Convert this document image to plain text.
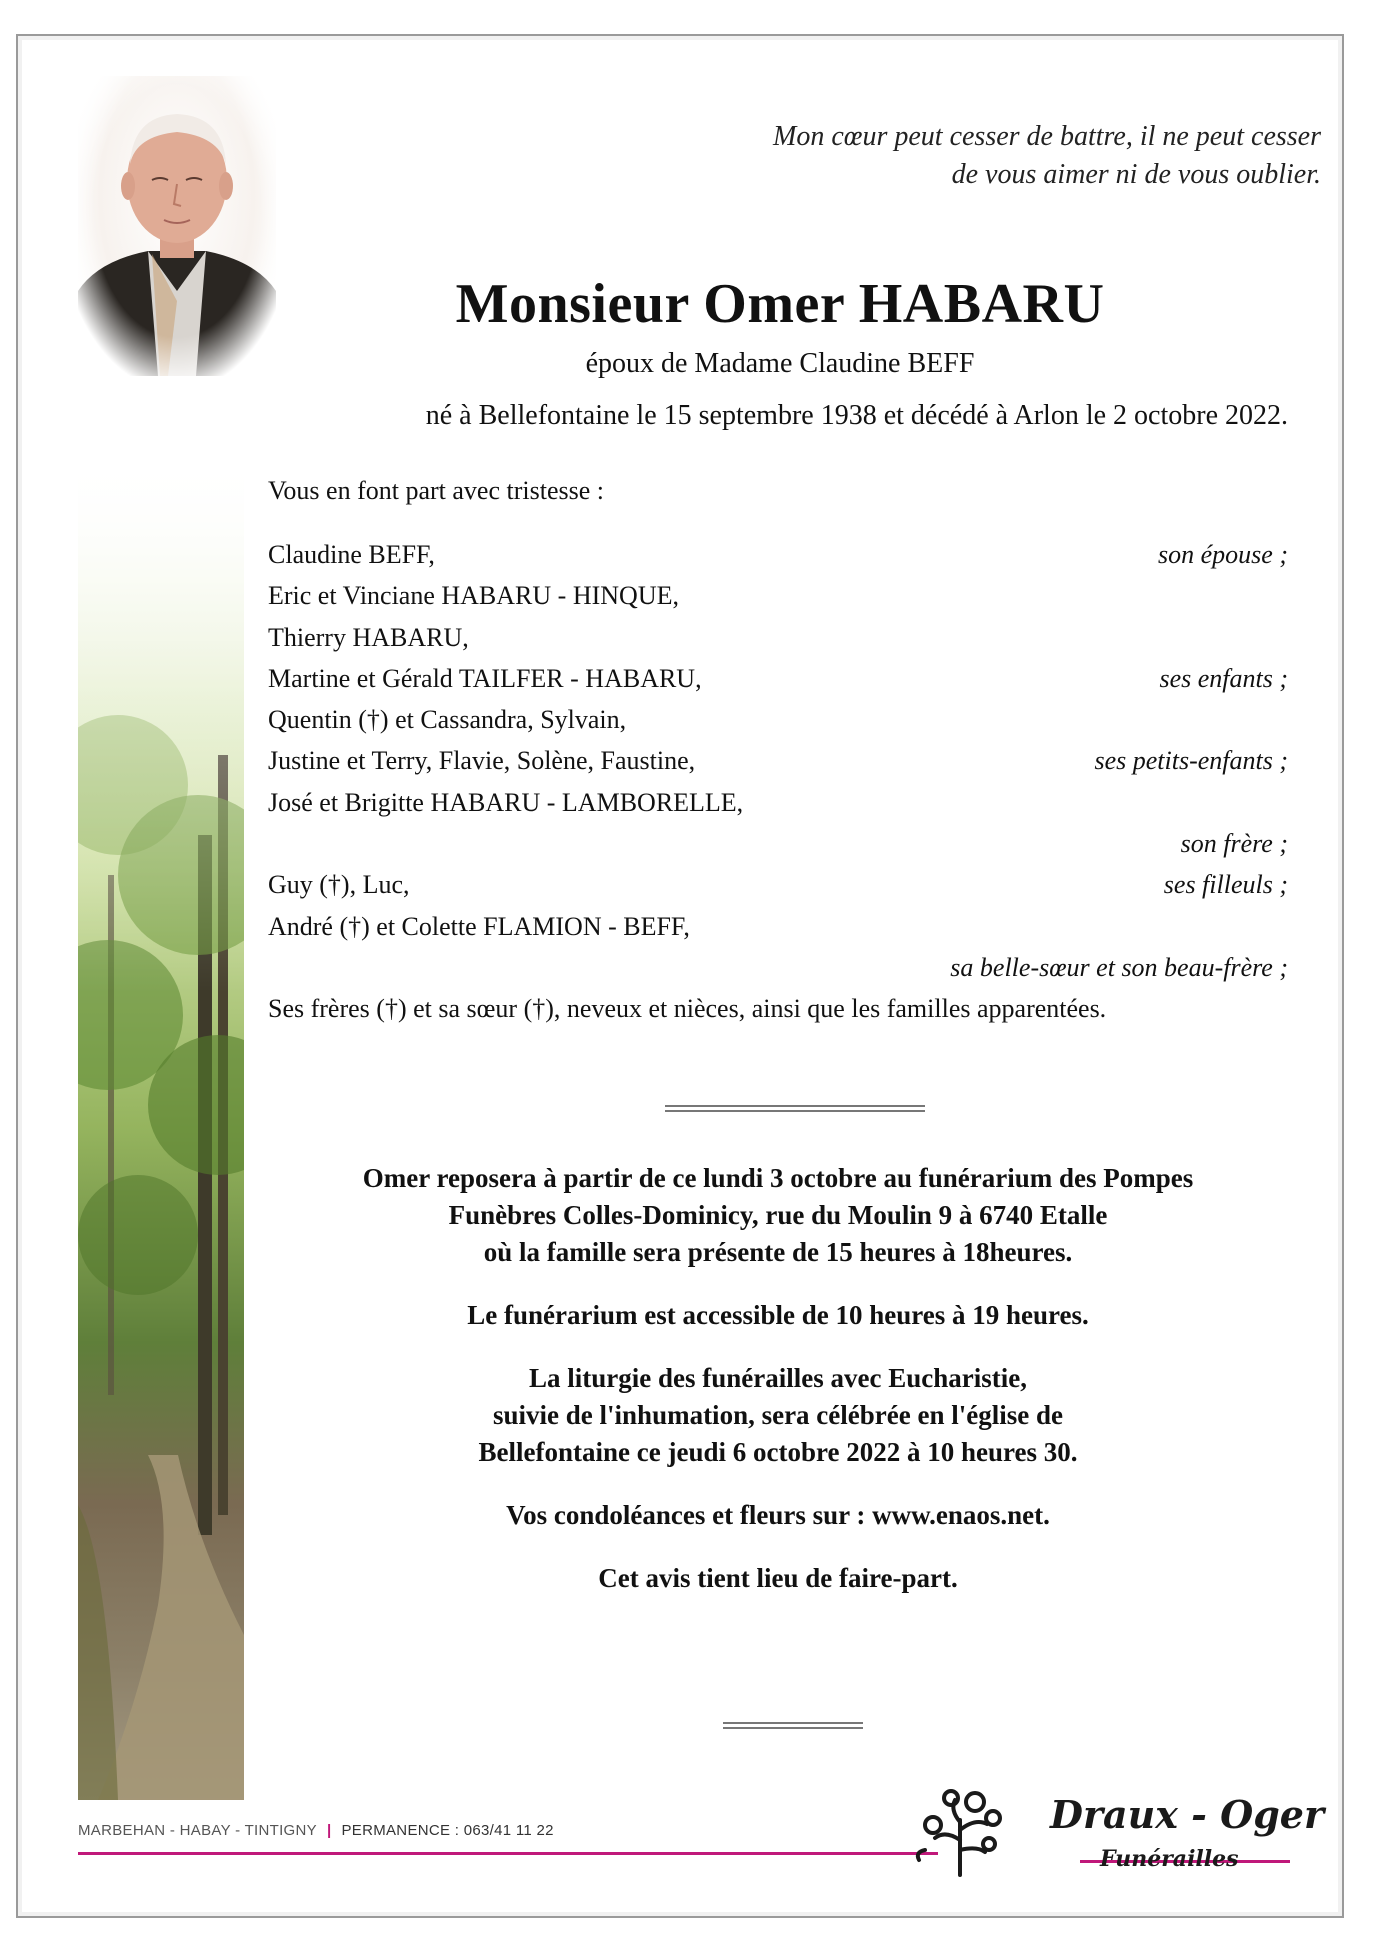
Mon cœur peut cesser de battre, il ne peut cesser
de vous aimer ni de vous oublier.
Monsieur Omer HABARU
époux de Madame Claudine BEFF
né à Bellefontaine le 15 septembre 1938 et décédé à Arlon le 2 octobre 2022.
Vous en font part avec tristesse :
Claudine BEFF,	son épouse ;
Eric et Vinciane HABARU - HINQUE,
Thierry HABARU,
Martine et Gérald TAILFER - HABARU,	ses enfants ;
Quentin (†) et Cassandra, Sylvain,
Justine et Terry, Flavie, Solène, Faustine,	ses petits-enfants ;
José et Brigitte HABARU - LAMBORELLE,
son frère ;
Guy (†), Luc,	ses filleuls ;
André (†) et Colette FLAMION - BEFF,
sa belle-sœur et son beau-frère ;
Ses frères (†) et sa sœur (†), neveux et nièces, ainsi que les familles apparentées.

Omer reposera à partir de ce lundi 3 octobre au funérarium des Pompes
Funèbres Colles-Dominicy, rue du Moulin 9 à 6740 Etalle
où la famille sera présente de 15 heures à 18heures.

Le funérarium est accessible de 10 heures à 19 heures.

La liturgie des funérailles avec Eucharistie,
suivie de l'inhumation, sera célébrée en l'église de
Bellefontaine ce jeudi 6 octobre 2022 à 10 heures 30.

Vos condoléances et fleurs sur : www.enaos.net.

Cet avis tient lieu de faire-part.

MARBEHAN - HABAY - TINTIGNY | PERMANENCE : 063/41 11 22	Draux - Oger
Funérailles
